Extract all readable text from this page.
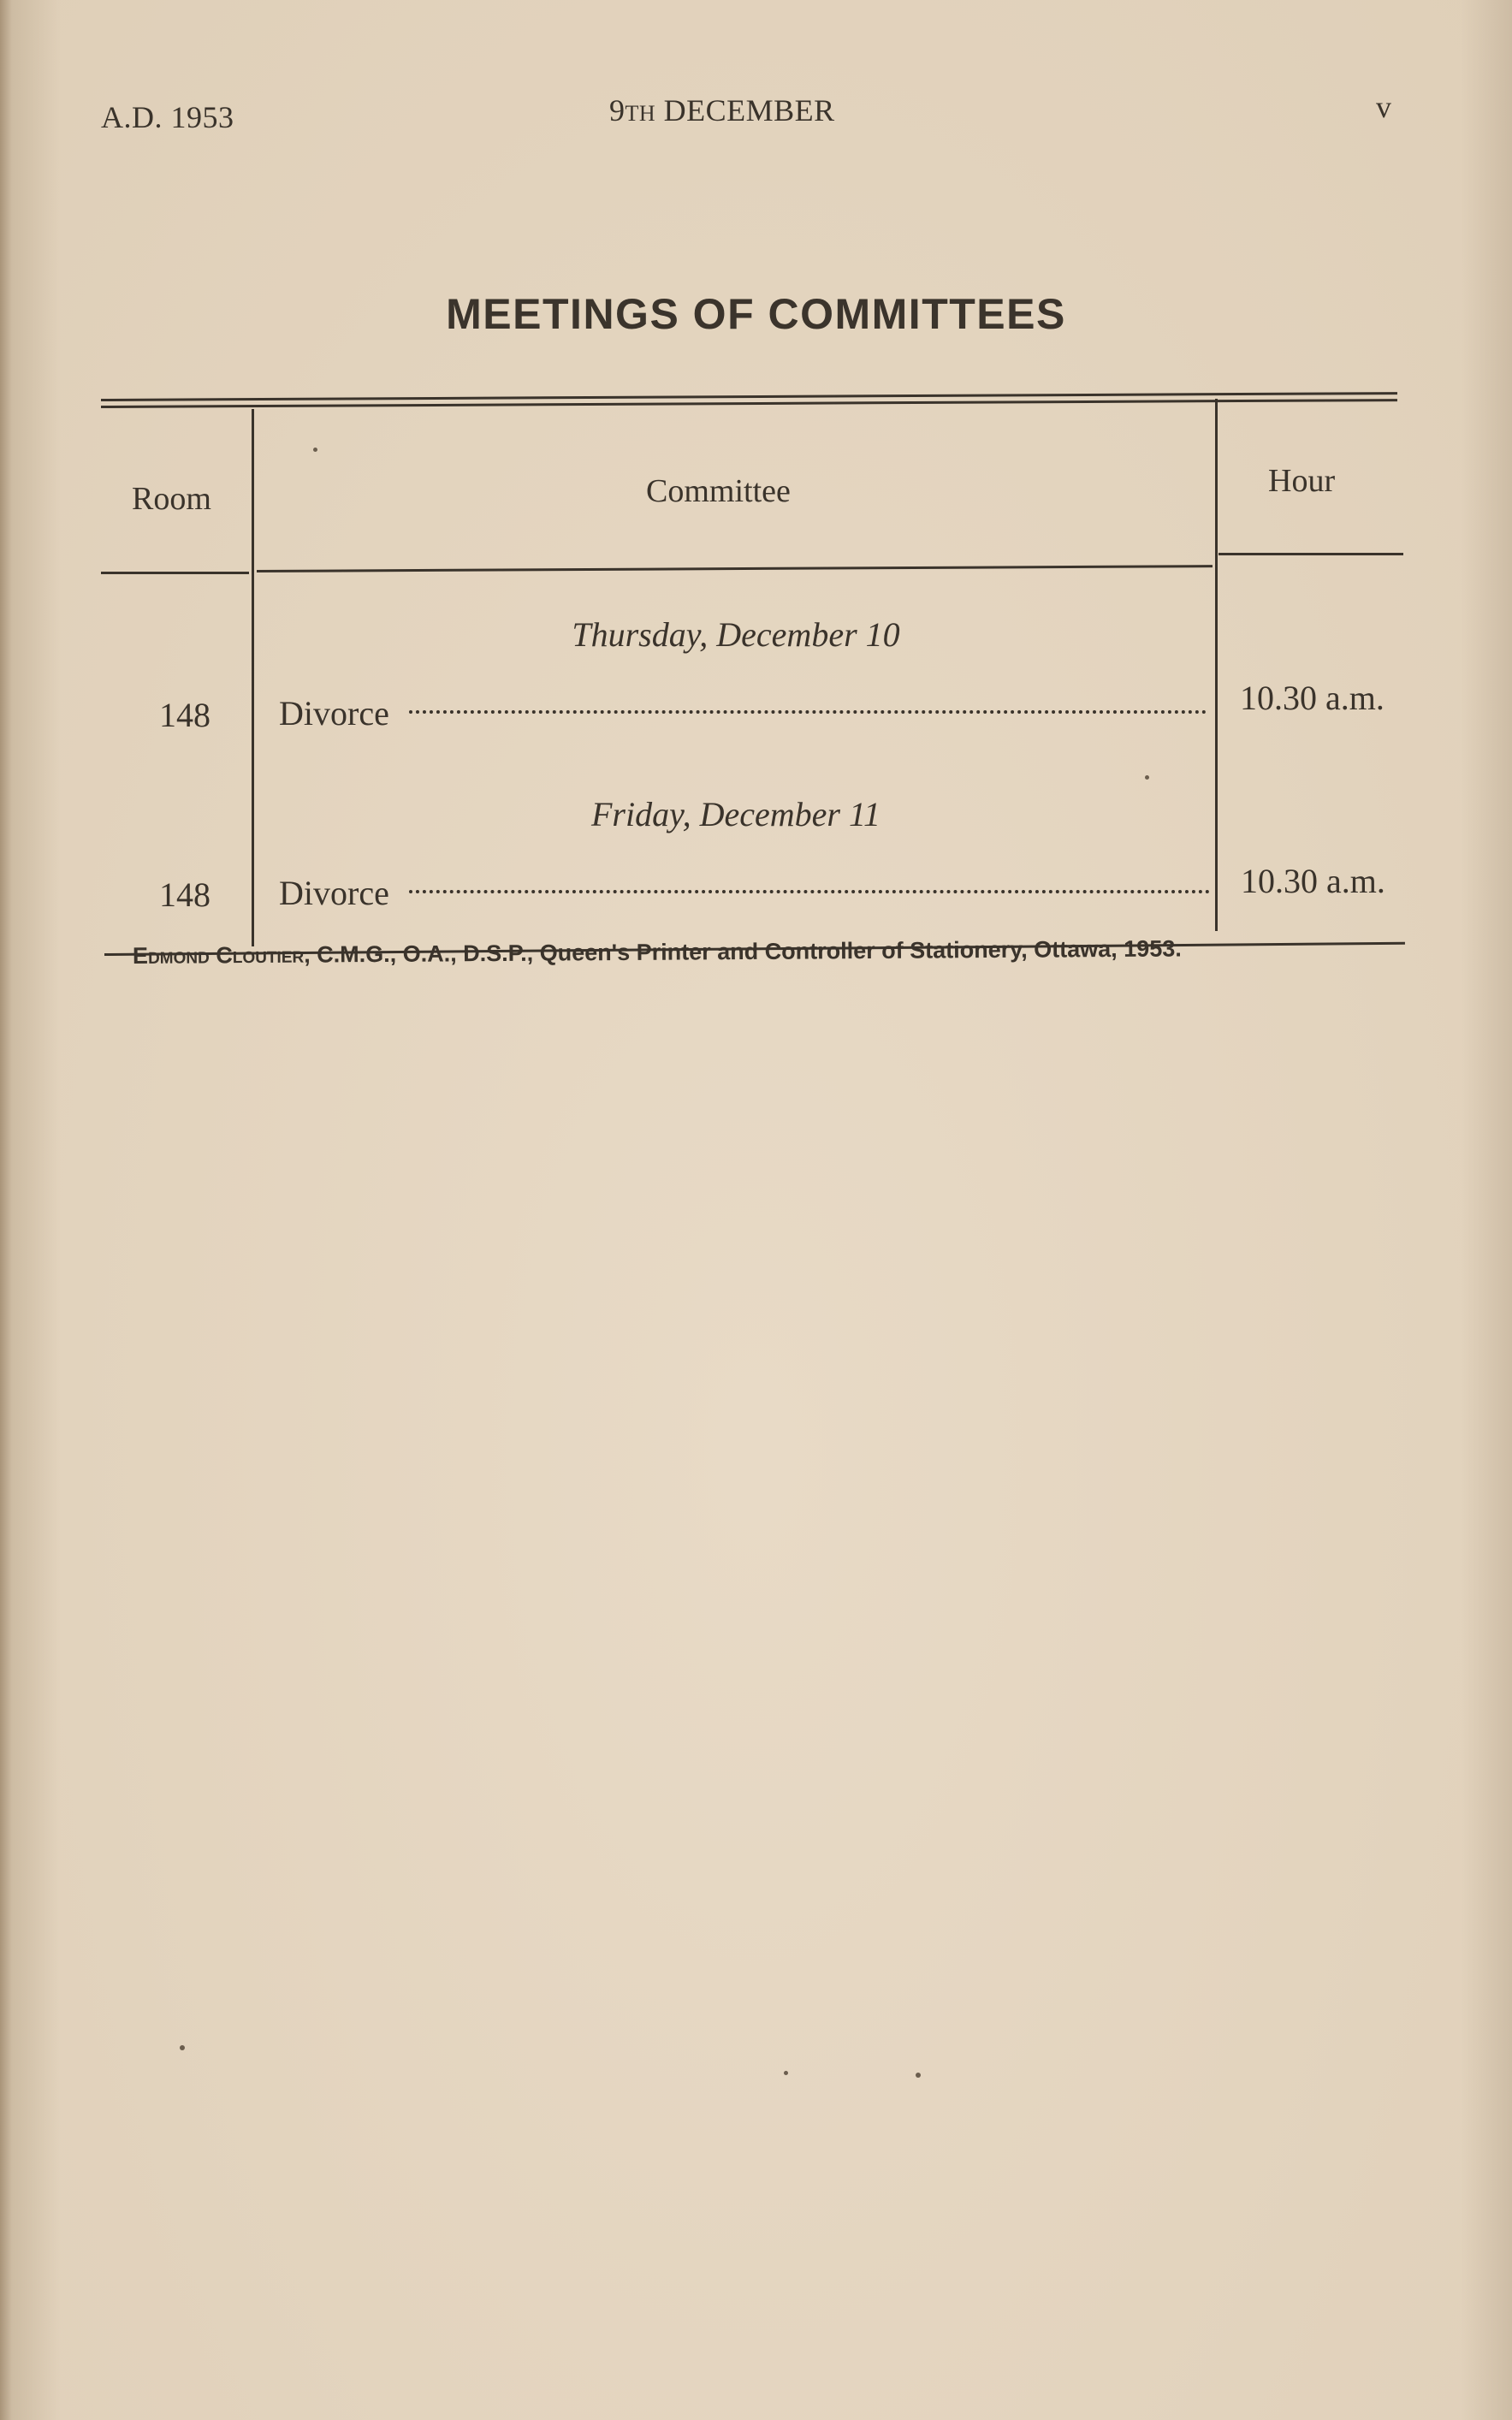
A.D. 1953	9TH DECEMBER	v
MEETINGS OF COMMITTEES
Room	Committee	Hour
Thursday, December 10
148 Divorce	10.30 a.m.
Friday, December 11
148 Divorce	10.30 a.m.
Edmond Cloutier, C.M.G., O.A., D.S.P., Queen's Printer and Controller of Stationery, Ottawa, 1953.
